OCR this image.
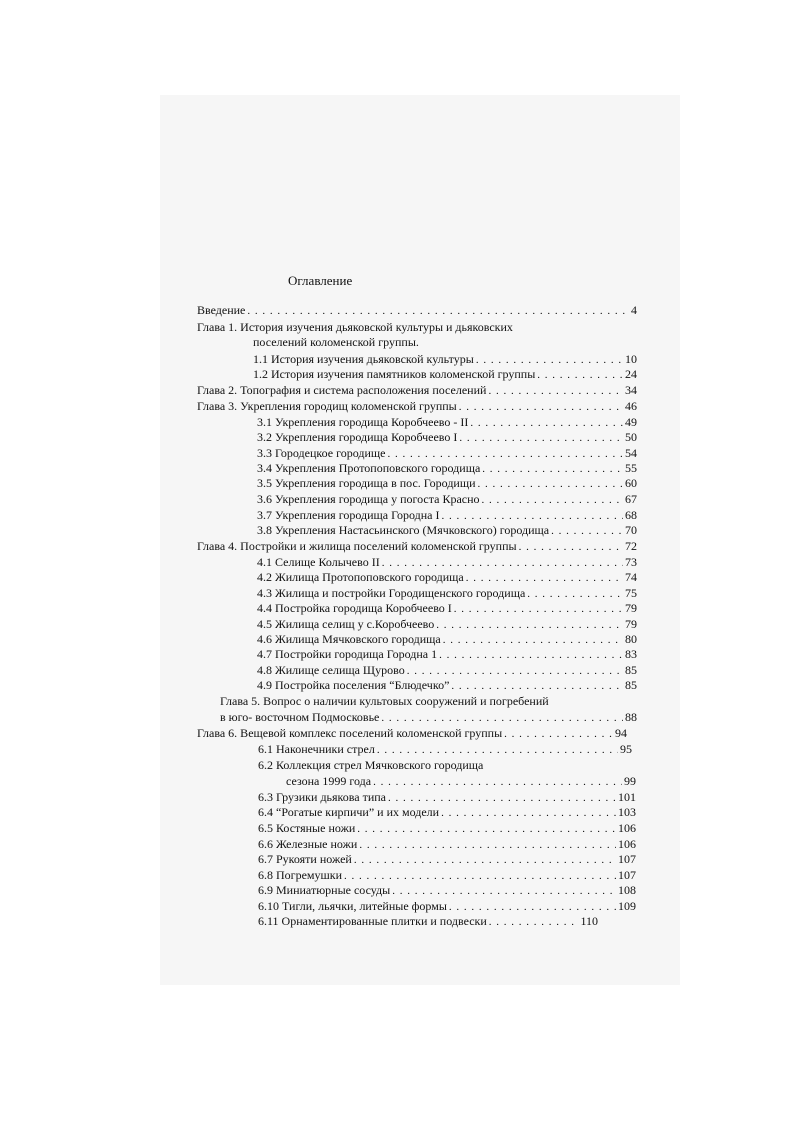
Оглавление
Введение . . .	4
Глава 1. История изучения дьяковской культуры и дьяковских
поселений коломенской группы.
1.1 История изучения дьяковской культуры . . .	10
1.2 История изучения памятников коломенской группы . . .	24
Глава 2. Топография и система расположения поселений . . .	34
Глава 3. Укрепления городищ коломенской группы . . .	46
3.1 Укрепления городища Коробчеево - II . . .	49
3.2 Укрепления городища Коробчеево I . . .	50
3.3 Городецкое городище . . .	54
3.4 Укрепления Протопоповского городища . . .	55
3.5 Укрепления городища в пос. Городищи . . .	60
3.6 Укрепления городища у погоста Красно . . .	67
3.7 Укрепления городища Городна I . . .	68
3.8 Укрепления Настасьинского (Мячковского) городища . . .	70
Глава 4. Постройки и жилища поселений коломенской группы . . .	72
4.1 Селище Колычево II . . .	73
4.2 Жилища Протопоповского городища . . .	74
4.3 Жилища и постройки Городищенского городища . . .	75
4.4 Постройка городища Коробчеево I . . .	79
4.5 Жилища селищ у с.Коробчеево . . .	79
4.6 Жилища Мячковского городища . . .	80
4.7 Постройки городища Городна 1 . . .	83
4.8 Жилище селища Щурово . . .	85
4.9 Постройка поселения “Блюдечко” . . .	85
Глава 5. Вопрос о наличии культовых сооружений и погребений
в юго- восточном Подмосковье . . .	88
Глава 6. Вещевой комплекс поселений коломенской группы . . .	94
6.1 Наконечники стрел . . .	95
6.2 Коллекция стрел Мячковского городища
сезона 1999 года . . .	99
6.3 Грузики дьякова типа . . .	101
6.4 “Рогатые кирпичи” и их модели . . .	103
6.5 Костяные ножи . . .	106
6.6 Железные ножи . . .	106
6.7 Рукояти ножей . . .	107
6.8 Погремушки . . .	107
6.9 Миниатюрные сосуды . . .	108
6.10 Тигли, льячки, литейные формы . . .	109
6.11 Орнаментированные плитки и подвески . . .	110
